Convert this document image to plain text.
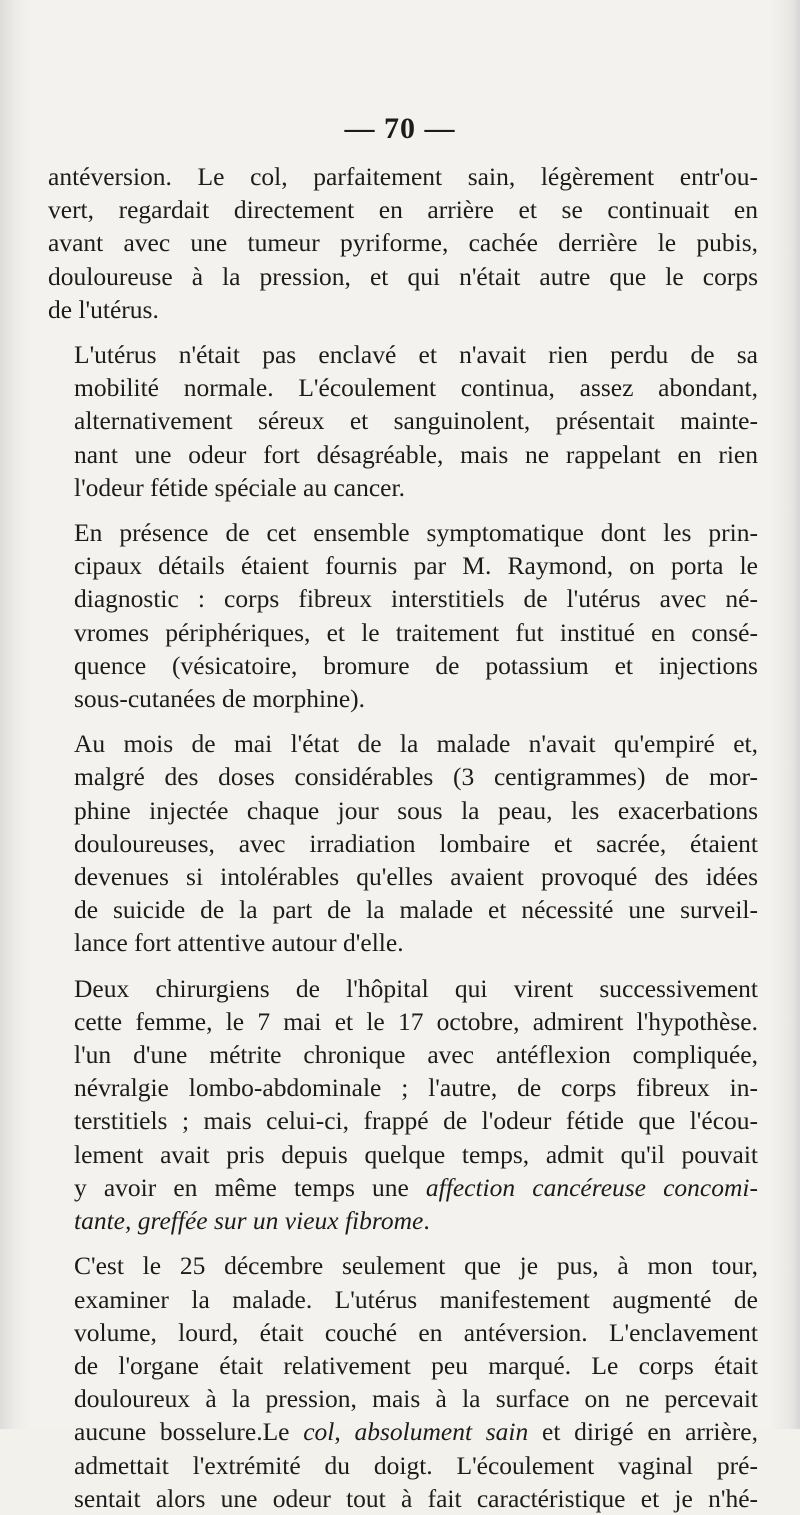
— 70 —

antéversion. Le col, parfaitement sain, légèrement entr'ou-
vert, regardait directement en arrière et se continuait en
avant avec une tumeur pyriforme, cachée derrière le pubis,
douloureuse à la pression, et qui n'était autre que le corps
de l'utérus.

L'utérus n'était pas enclavé et n'avait rien perdu de sa
mobilité normale. L'écoulement continua, assez abondant,
alternativement séreux et sanguinolent, présentait mainte-
nant une odeur fort désagréable, mais ne rappelant en rien
l'odeur fétide spéciale au cancer.

En présence de cet ensemble symptomatique dont les prin-
cipaux détails étaient fournis par M. Raymond, on porta le
diagnostic : corps fibreux interstitiels de l'utérus avec né-
vromes périphériques, et le traitement fut institué en consé-
quence (vésicatoire, bromure de potassium et injections
sous-cutanées de morphine).

Au mois de mai l'état de la malade n'avait qu'empiré et,
malgré des doses considérables (3 centigrammes) de mor-
phine injectée chaque jour sous la peau, les exacerbations
douloureuses, avec irradiation lombaire et sacrée, étaient
devenues si intolérables qu'elles avaient provoqué des idées
de suicide de la part de la malade et nécessité une surveil-
lance fort attentive autour d'elle.

Deux chirurgiens de l'hôpital qui virent successivement
cette femme, le 7 mai et le 17 octobre, admirent l'hypothèse.
l'un d'une métrite chronique avec antéflexion compliquée,
névralgie lombo-abdominale ; l'autre, de corps fibreux in-
terstitiels ; mais celui-ci, frappé de l'odeur fétide que l'écou-
lement avait pris depuis quelque temps, admit qu'il pouvait
y avoir en même temps une affection cancéreuse concomi-
tante, greffée sur un vieux fibrome.

C'est le 25 décembre seulement que je pus, à mon tour,
examiner la malade. L'utérus manifestement augmenté de
volume, lourd, était couché en antéversion. L'enclavement
de l'organe était relativement peu marqué. Le corps était
douloureux à la pression, mais à la surface on ne percevait
aucune bosselure.Le col, absolument sain et dirigé en arrière,
admettait l'extrémité du doigt. L'écoulement vaginal pré-
sentait alors une odeur tout à fait caractéristique et je n'hé-
